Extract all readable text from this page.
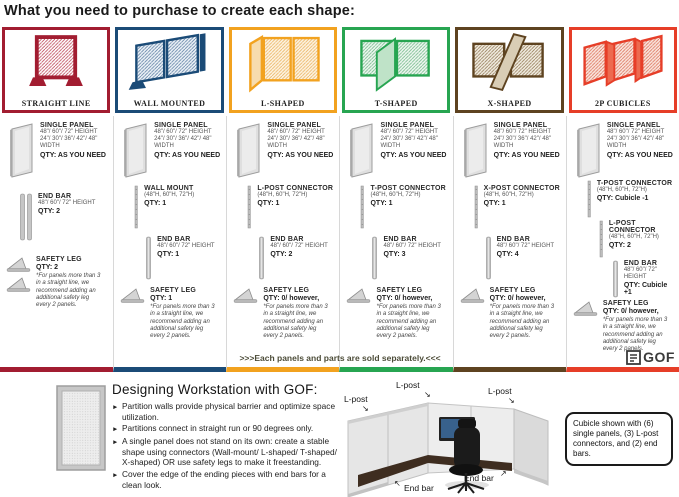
What you need to purchase to create each shape:
STRAIGHT LINE	WALL MOUNTED	L-SHAPED	T-SHAPED	X-SHAPED	2P CUBICLES
SINGLE PANEL
48"/ 60"/ 72" HEIGHT
24"/ 30"/ 36"/ 42"/ 48" WIDTH
QTY: AS YOU NEED
END BAR
48"/ 60"/ 72" HEIGHT
QTY: 2
SAFETY LEG
QTY: 2
*For panels more than 3 in a straight line, we recommend adding an additional safety leg every 2 panels.
SINGLE PANEL
48"/ 60"/ 72" HEIGHT
24"/ 30"/ 36"/ 42"/ 48" WIDTH
QTY: AS YOU NEED
WALL MOUNT
(48"H, 60"H, 72"H)
QTY: 1
END BAR
48"/ 60"/ 72" HEIGHT
QTY: 1
SAFETY LEG
QTY: 1
*For panels more than 3 in a straight line, we recommend adding an additional safety leg every 2 panels.
SINGLE PANEL
48"/ 60"/ 72" HEIGHT
24"/ 30"/ 36"/ 42"/ 48" WIDTH
QTY: AS YOU NEED
L-POST CONNECTOR
(48"H, 60"H, 72"H)
QTY: 1
END BAR
48"/ 60"/ 72" HEIGHT
QTY: 2
SAFETY LEG
QTY: 0/ however,
*For panels more than 3 in a straight line, we recommend adding an additional safety leg every 2 panels.
SINGLE PANEL
48"/ 60"/ 72" HEIGHT
24"/ 30"/ 36"/ 42"/ 48" WIDTH
QTY: AS YOU NEED
T-POST CONNECTOR
(48"H, 60"H, 72"H)
QTY: 1
END BAR
48"/ 60"/ 72" HEIGHT
QTY: 3
SAFETY LEG
QTY: 0/ however,
*For panels more than 3 in a straight line, we recommend adding an additional safety leg every 2 panels.
SINGLE PANEL
48"/ 60"/ 72" HEIGHT
24"/ 30"/ 36"/ 42"/ 48" WIDTH
QTY: AS YOU NEED
X-POST CONNECTOR
(48"H, 60"H, 72"H)
QTY: 1
END BAR
48"/ 60"/ 72" HEIGHT
QTY: 4
SAFETY LEG
QTY: 0/ however,
*For panels more than 3 in a straight line, we recommend adding an additional safety leg every 2 panels.
SINGLE PANEL
48"/ 60"/ 72" HEIGHT
24"/ 30"/ 36"/ 42"/ 48" WIDTH
QTY: AS YOU NEED
T-POST CONNECTOR
(48"H, 60"H, 72"H)
QTY: Cubicle -1
L-POST CONNECTOR
(48"H, 60"H, 72"H)
QTY: 2
END BAR
48"/ 60"/ 72" HEIGHT
QTY: Cubicle +1
SAFETY LEG
QTY: 0/ however,
*For panels more than 3 in a straight line, we recommend adding an additional safety leg every 2 panels.
>>>Each panels and parts are sold separately.<<<	GOF
Designing Workstation with GOF:
► Partition walls provide physical barrier and optimize space utilization.
► Partitions connect in straight run or 90 degrees only.
► A single panel does not stand on its own: create a stable shape using connectors (Wall-mount/ L-shaped/ T-shaped/ X-shaped) OR use safety legs to make it freestanding.
► Cover the edge of the ending pieces with end bars for a clean look.
L-post
↘
L-post
↘	L-post
↘
↖ End bar
End bar ↗
Cubicle shown with (6) single panels, (3) L-post connectors, and (2) end bars.
